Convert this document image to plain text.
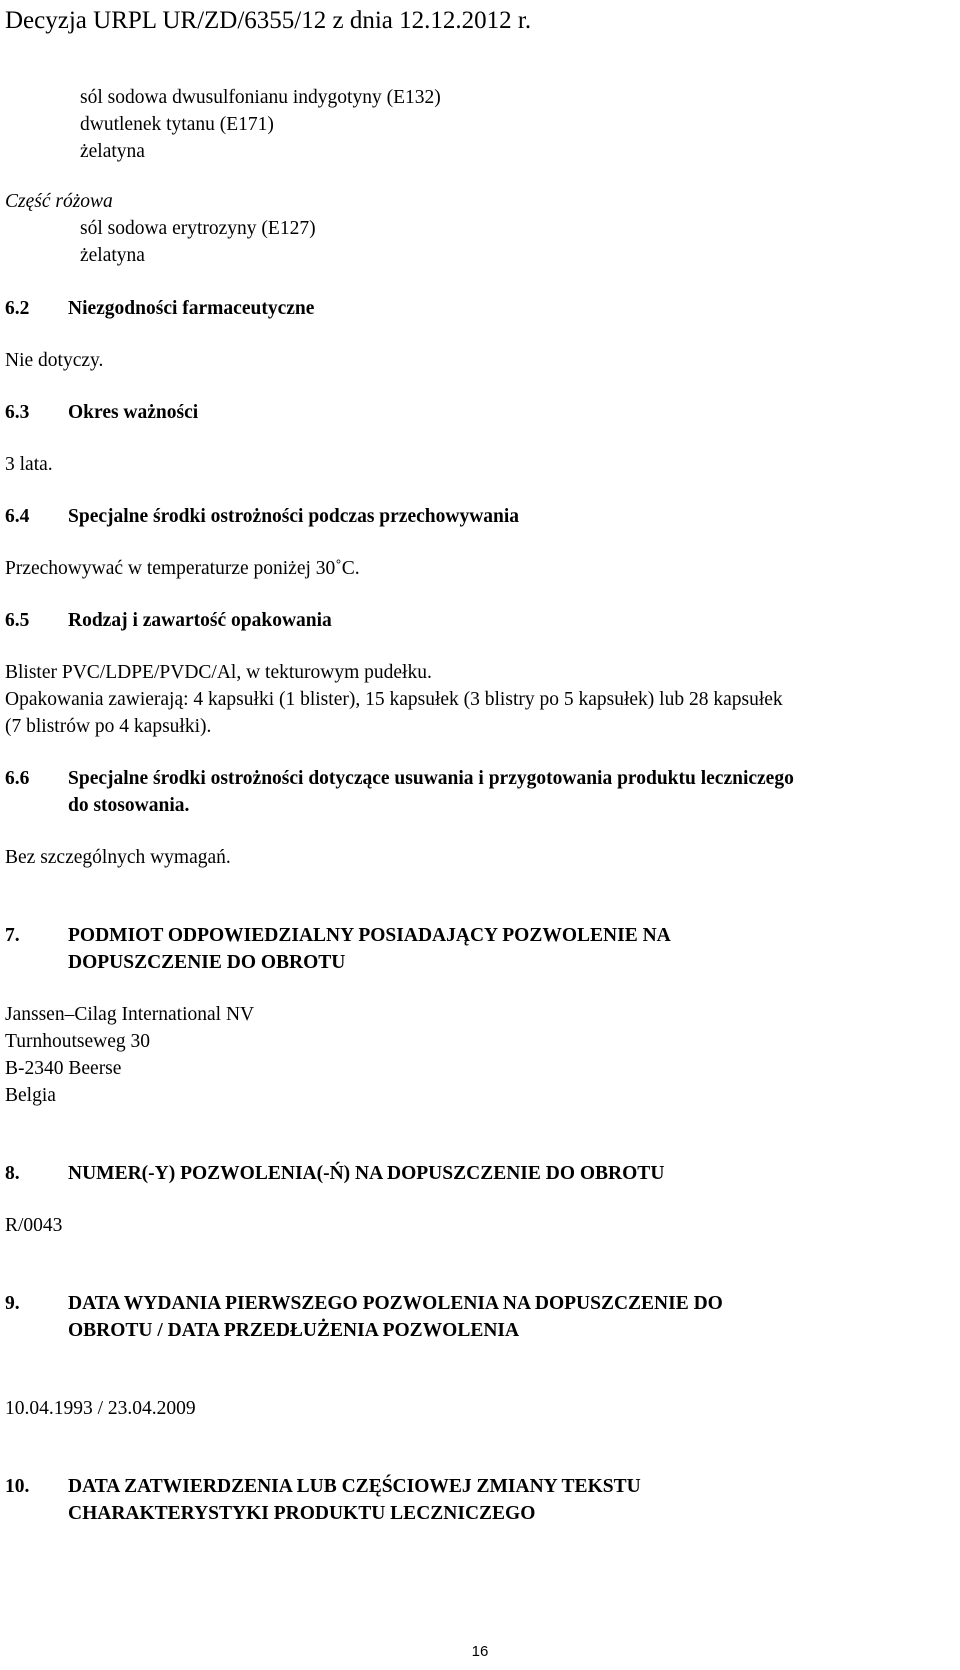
Decyzja URPL UR/ZD/6355/12 z dnia 12.12.2012 r.
sól sodowa dwusulfonianu indygotyny (E132)
dwutlenek tytanu (E171)
żelatyna
Część różowa
sól sodowa erytrozyny (E127)
żelatyna
6.2 Niezgodności farmaceutyczne
Nie dotyczy.
6.3 Okres ważności
3 lata.
6.4 Specjalne środki ostrożności podczas przechowywania
Przechowywać w temperaturze poniżej 30˚C.
6.5 Rodzaj i zawartość opakowania
Blister PVC/LDPE/PVDC/Al, w tekturowym pudełku.
Opakowania zawierają: 4 kapsułki (1 blister), 15 kapsułek (3 blistry po 5 kapsułek) lub 28 kapsułek
(7 blistrów po 4 kapsułki).
6.6 Specjalne środki ostrożności dotyczące usuwania i przygotowania produktu leczniczego
do stosowania.
Bez szczególnych wymagań.
7. PODMIOT ODPOWIEDZIALNY POSIADAJĄCY POZWOLENIE NA
DOPUSZCZENIE DO OBROTU
Janssen–Cilag International NV
Turnhoutseweg 30
B-2340 Beerse
Belgia
8. NUMER(-Y) POZWOLENIA(-Ń) NA DOPUSZCZENIE DO OBROTU
R/0043
9. DATA WYDANIA PIERWSZEGO POZWOLENIA NA DOPUSZCZENIE DO
OBROTU / DATA PRZEDŁUŻENIA POZWOLENIA
10.04.1993 / 23.04.2009
10. DATA ZATWIERDZENIA LUB CZĘŚCIOWEJ ZMIANY TEKSTU
CHARAKTERYSTYKI PRODUKTU LECZNICZEGO
16
